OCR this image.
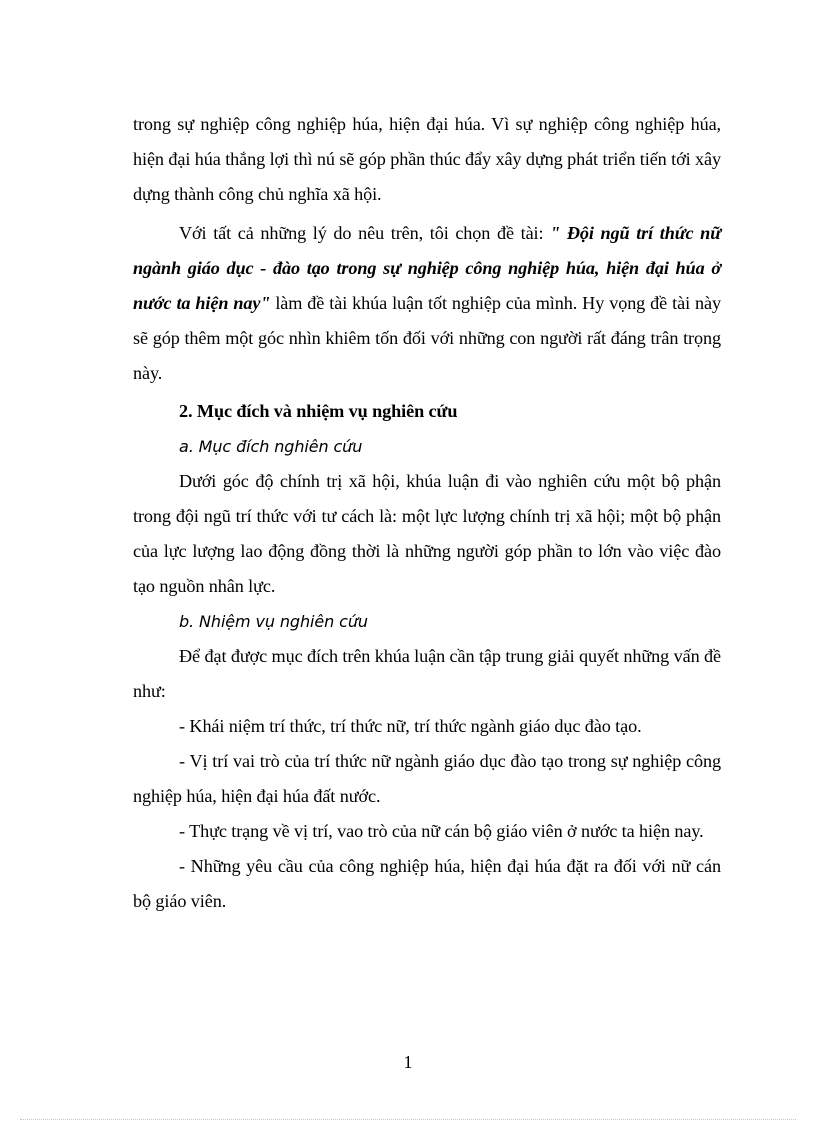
trong sự nghiệp công nghiệp húa, hiện đại húa. Vì sự nghiệp công nghiệp húa, hiện đại húa thắng lợi thì nú sẽ góp phần thúc đẩy xây dựng phát triển tiến tới xây dựng thành công chủ nghĩa xã hội.

Với tất cả những lý do nêu trên, tôi chọn đề tài: " Đội ngũ trí thức nữ ngành giáo dục - đào tạo trong sự nghiệp công nghiệp húa, hiện đại húa ở nước ta hiện nay" làm đề tài khúa luận tốt nghiệp của mình. Hy vọng đề tài này sẽ góp thêm một góc nhìn khiêm tốn đối với những con người rất đáng trân trọng này.

2. Mục đích và nhiệm vụ nghiên cứu

a. Mục đích nghiên cứu

Dưới góc độ chính trị xã hội, khúa luận đi vào nghiên cứu một bộ phận trong đội ngũ trí thức với tư cách là: một lực lượng chính trị xã hội; một bộ phận của lực lượng lao động đồng thời là những người góp phần to lớn vào việc đào tạo nguồn nhân lực.

b. Nhiệm vụ nghiên cứu

Để đạt được mục đích trên khúa luận cần tập trung giải quyết những vấn đề như:

- Khái niệm trí thức, trí thức nữ, trí thức ngành giáo dục đào tạo.

- Vị trí vai trò của trí thức nữ ngành giáo dục đào tạo trong sự nghiệp công nghiệp húa, hiện đại húa đất nước.

- Thực trạng về vị trí, vao trò của nữ cán bộ giáo viên ở nước ta hiện nay.

- Những yêu cầu của công nghiệp húa, hiện đại húa đặt ra đối với nữ cán bộ giáo viên.

1
